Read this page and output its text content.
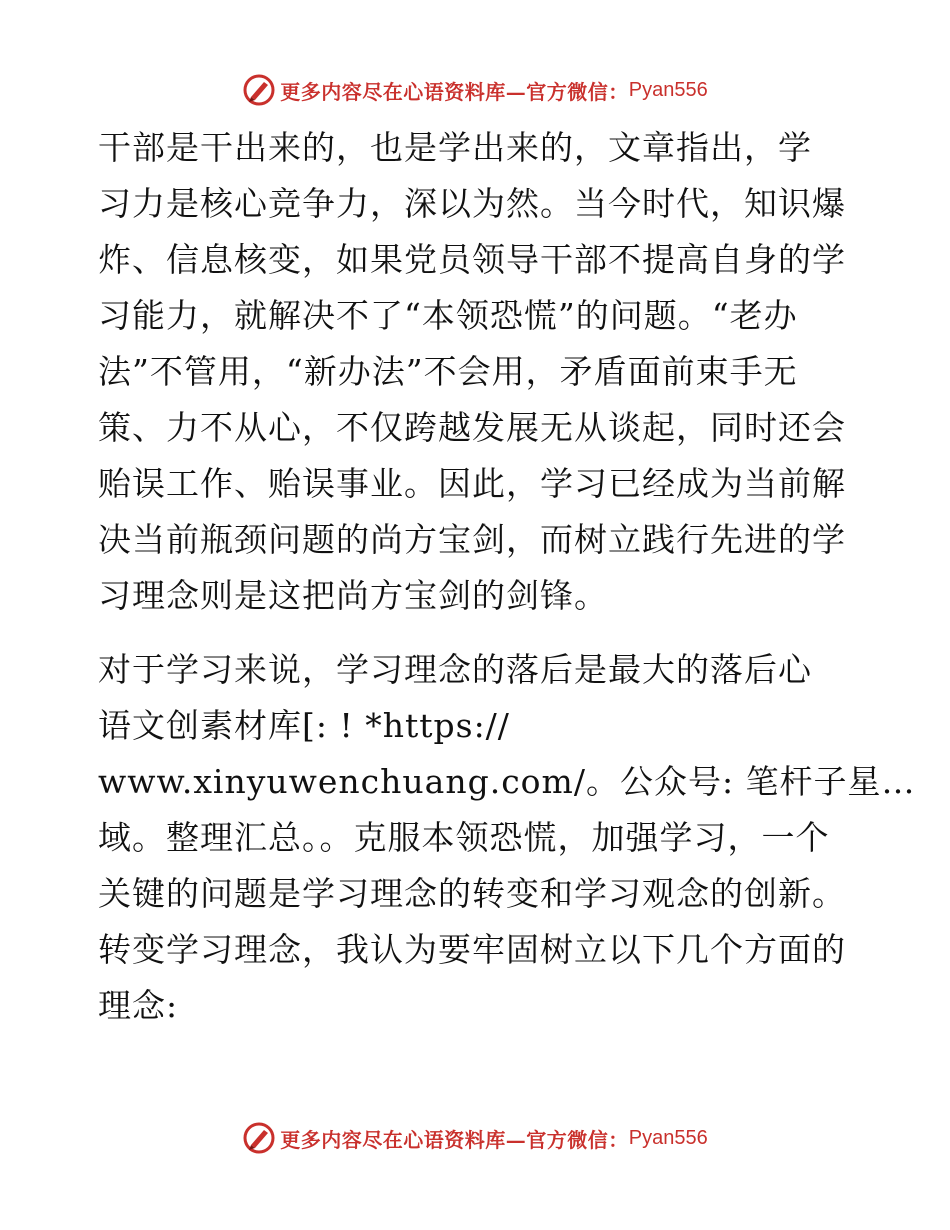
更多内容尽在心语资料库—官方微信： Pyan556

干部是干出来的，也是学出来的，文章指出，学
习力是核心竞争力，深以为然。当今时代，知识爆
炸、信息核变，如果党员领导干部不提高自身的学
习能力，就解决不了“本领恐慌”的问题。“老办
法”不管用，“新办法”不会用，矛盾面前束手无
策、力不从心，不仅跨越发展无从谈起，同时还会
贻误工作、贻误事业。因此，学习已经成为当前解
决当前瓶颈问题的尚方宝剑，而树立践行先进的学
习理念则是这把尚方宝剑的剑锋。

对于学习来说，学习理念的落后是最大的落后心
语文创素材库[: ! *https://
www.xinyuwenchuang.com/。公众号: 笔杆子星…
域。整理汇总。。克服本领恐慌，加强学习，一个
关键的问题是学习理念的转变和学习观念的创新。
转变学习理念，我认为要牢固树立以下几个方面的
理念:

更多内容尽在心语资料库—官方微信： Pyan556
